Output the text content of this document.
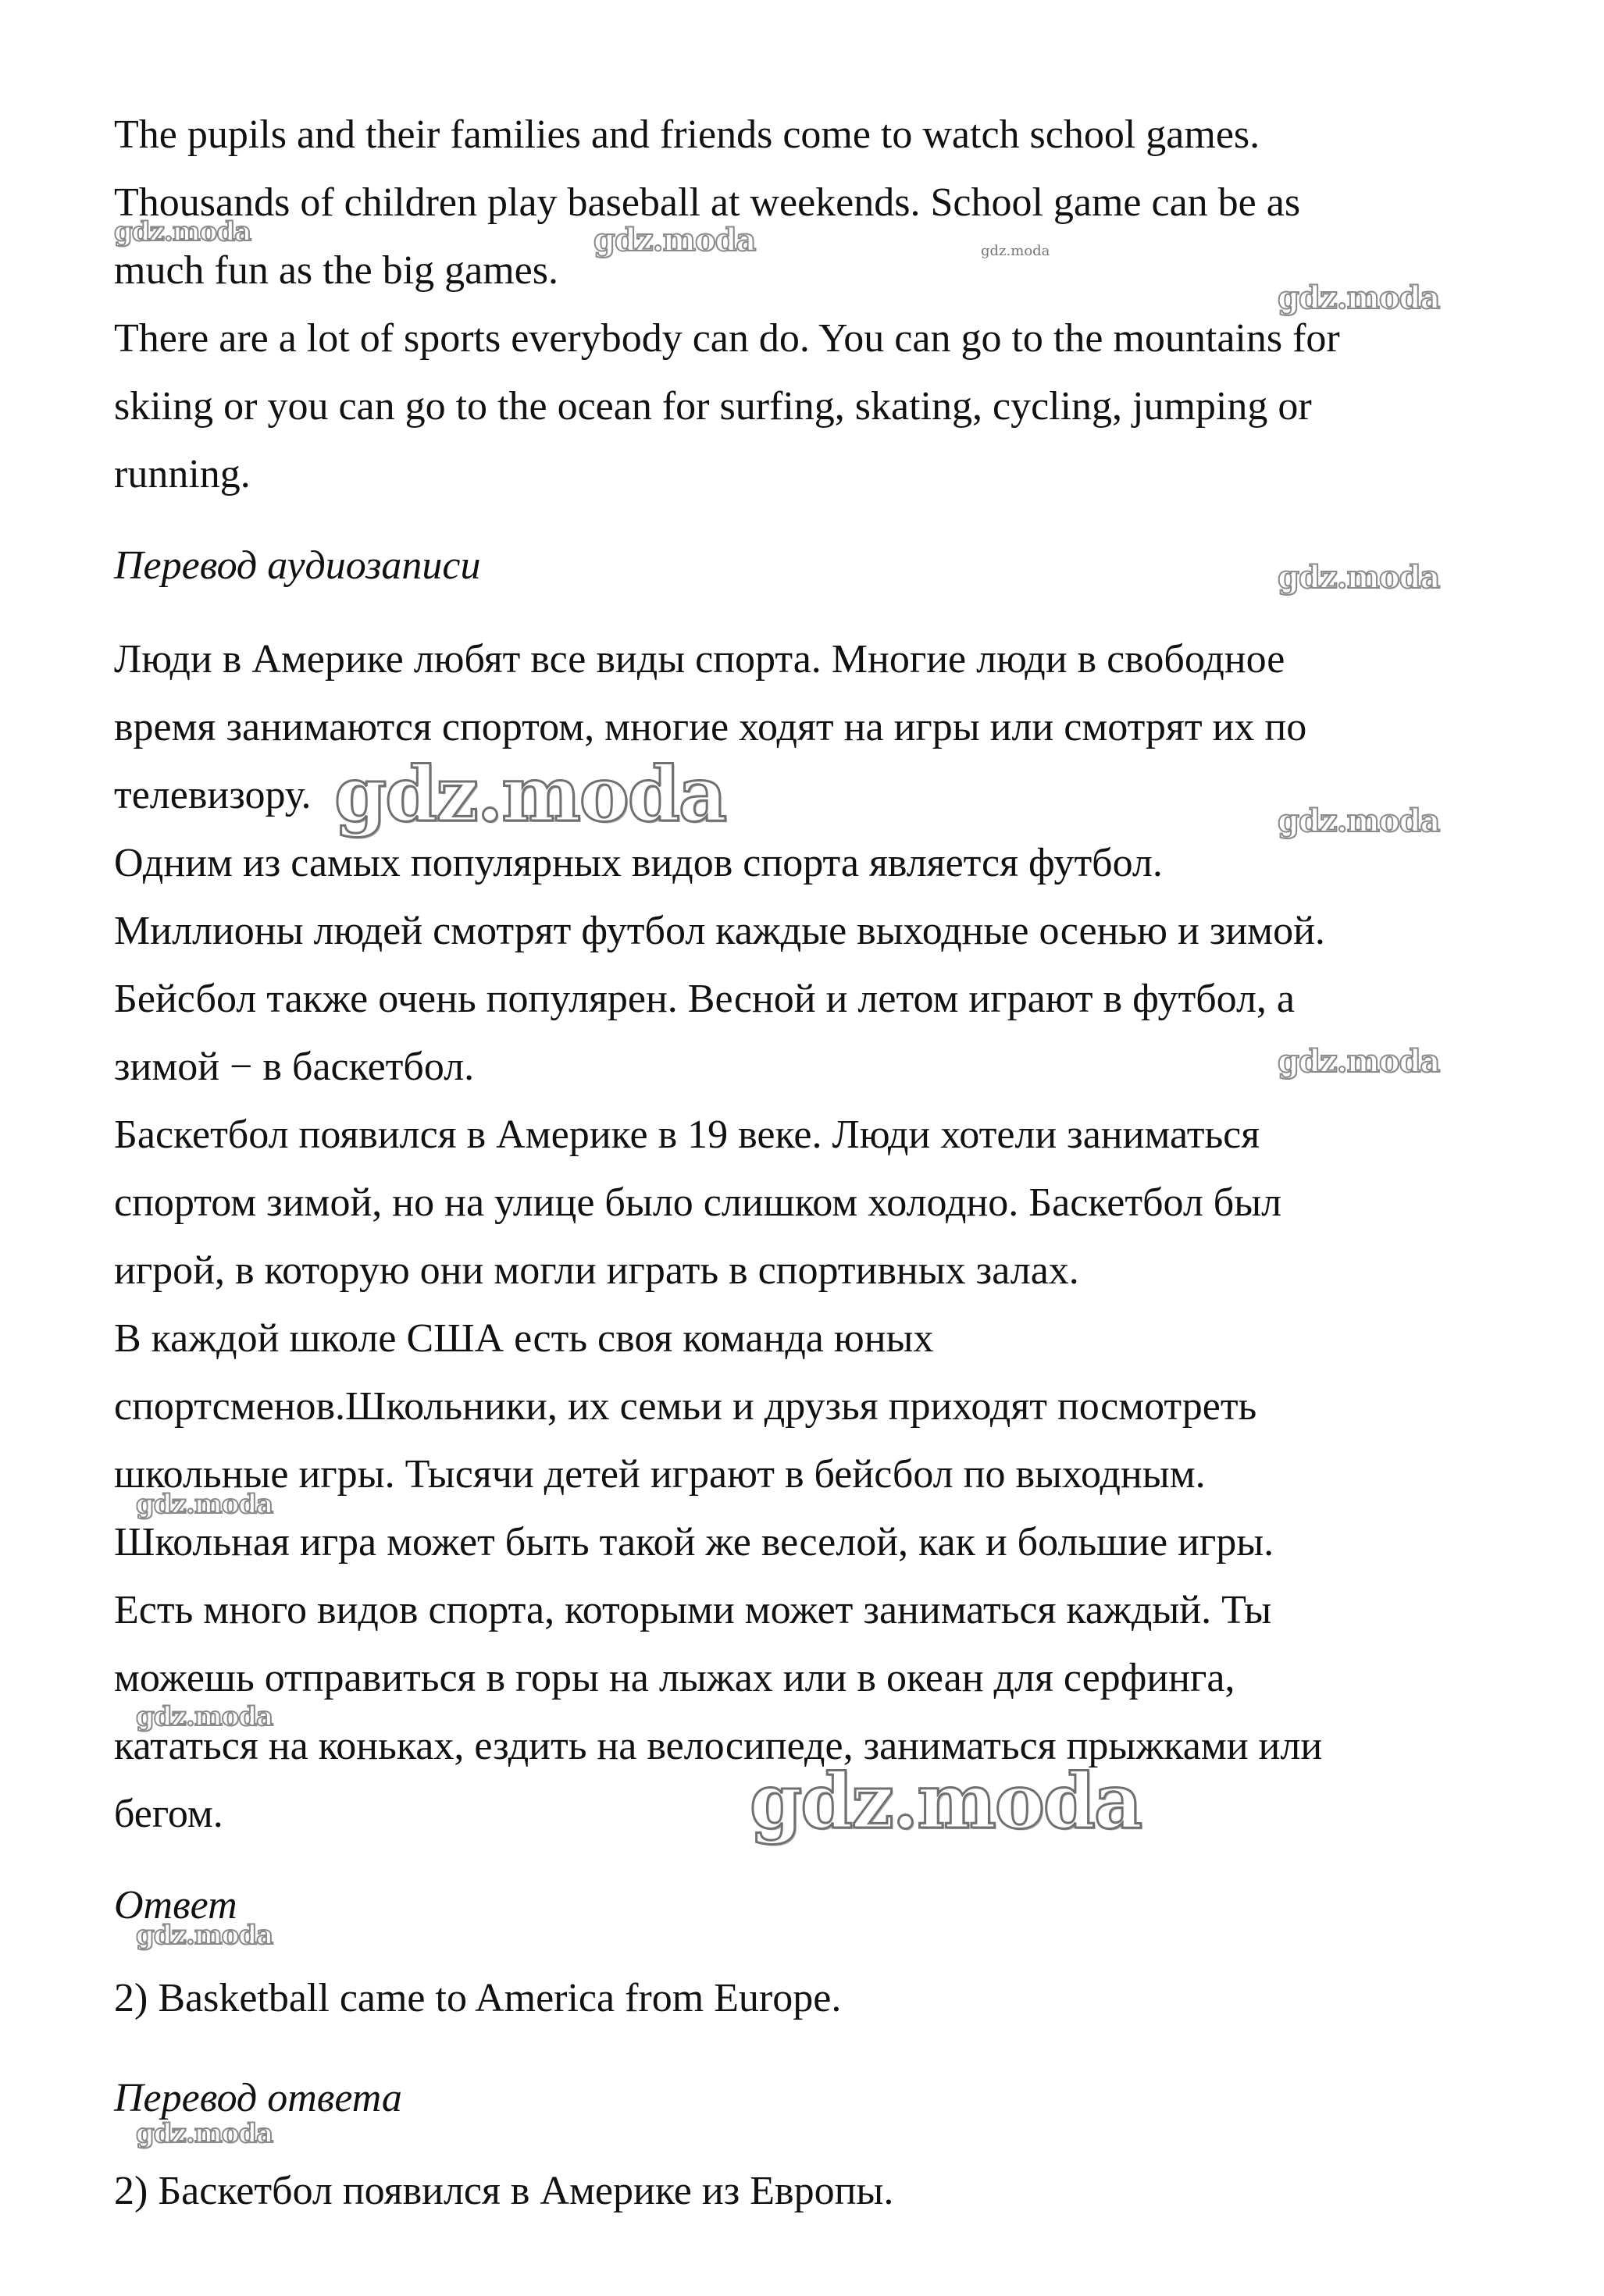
The pupils and their families and friends come to watch school games.
Thousands of children play baseball at weekends. School game can be as
much fun as the big games.
There are a lot of sports everybody can do. You can go to the mountains for
skiing or you can go to the ocean for surfing, skating, cycling, jumping or
running.
Перевод аудиозаписи
Люди в Америке любят все виды спорта. Многие люди в свободное
время занимаются спортом, многие ходят на игры или смотрят их по
телевизору.
Одним из самых популярных видов спорта является футбол.
Миллионы людей смотрят футбол каждые выходные осенью и зимой.
Бейсбол также очень популярен. Весной и летом играют в футбол, а
зимой − в баскетбол.
Баскетбол появился в Америке в 19 веке. Люди хотели заниматься
спортом зимой, но на улице было слишком холодно. Баскетбол был
игрой, в которую они могли играть в спортивных залах.
В каждой школе США есть своя команда юных
спортсменов.Школьники, их семьи и друзья приходят посмотреть
школьные игры. Тысячи детей играют в бейсбол по выходным.
Школьная игра может быть такой же веселой, как и большие игры.
Есть много видов спорта, которыми может заниматься каждый. Ты
можешь отправиться в горы на лыжах или в океан для серфинга,
кататься на коньках, ездить на велосипеде, заниматься прыжками или
бегом.
Ответ
2) Basketball came to America from Europe.
Перевод ответа
2) Баскетбол появился в Америке из Европы.
gdz.moda	gdz.moda	gdz.moda
gdz.moda
gdz.moda
gdz.moda	gdz.moda
gdz.moda
gdz.moda
gdz.moda
gdz.moda
gdz.moda
gdz.moda
